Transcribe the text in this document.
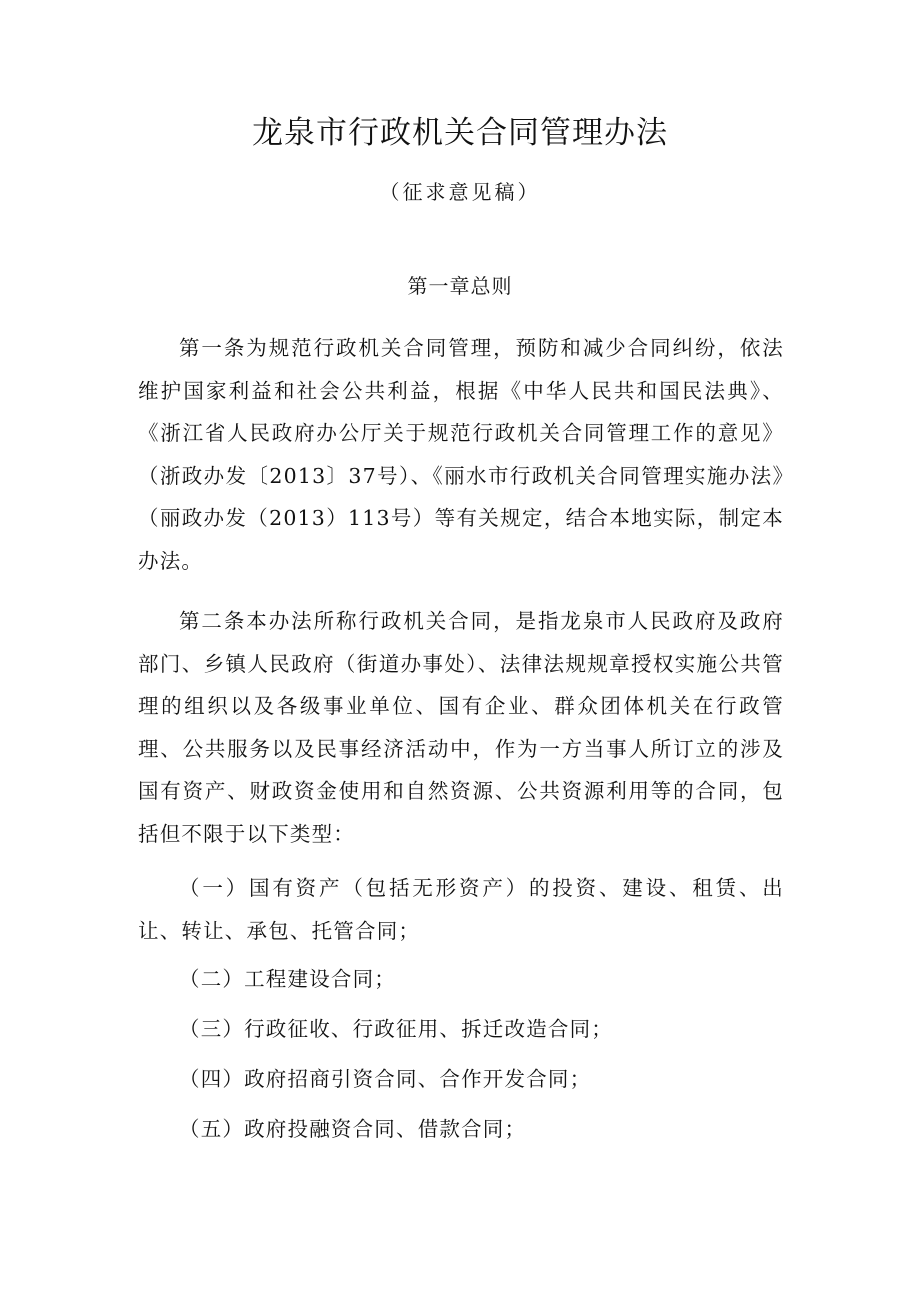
龙泉市行政机关合同管理办法
（征求意见稿）
第一章总则
第一条为规范行政机关合同管理，预防和减少合同纠纷，依法维护国家利益和社会公共利益，根据《中华人民共和国民法典》、《浙江省人民政府办公厅关于规范行政机关合同管理工作的意见》（浙政办发〔2013〕37号）、《丽水市行政机关合同管理实施办法》（丽政办发（2013）113号）等有关规定，结合本地实际，制定本办法。
第二条本办法所称行政机关合同，是指龙泉市人民政府及政府部门、乡镇人民政府（街道办事处）、法律法规规章授权实施公共管理的组织以及各级事业单位、国有企业、群众团体机关在行政管理、公共服务以及民事经济活动中，作为一方当事人所订立的涉及国有资产、财政资金使用和自然资源、公共资源利用等的合同，包括但不限于以下类型：
（一）国有资产（包括无形资产）的投资、建设、租赁、出让、转让、承包、托管合同；
（二）工程建设合同；
（三）行政征收、行政征用、拆迁改造合同；
（四）政府招商引资合同、合作开发合同；
（五）政府投融资合同、借款合同；
